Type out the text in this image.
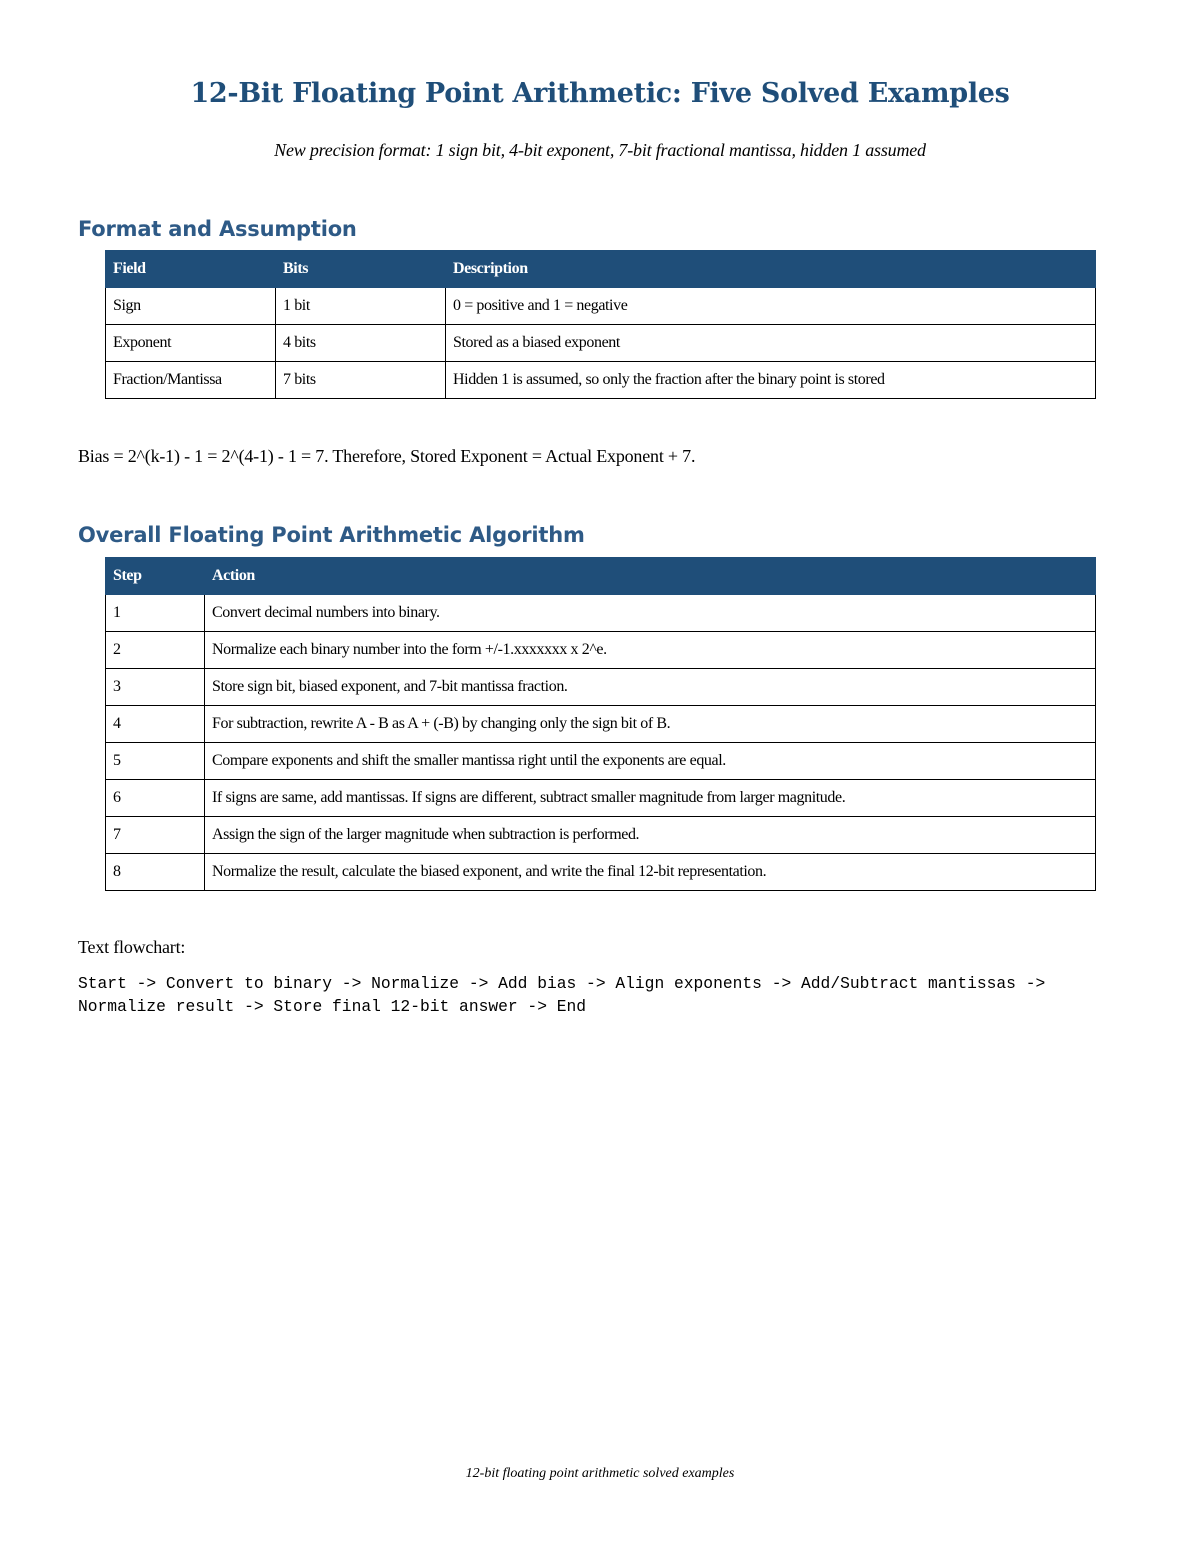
12-Bit Floating Point Arithmetic: Five Solved Examples
New precision format: 1 sign bit, 4-bit exponent, 7-bit fractional mantissa, hidden 1 assumed
Format and Assumption
Field	Bits	Description
Sign	1 bit	0 = positive and 1 = negative
Exponent	4 bits	Stored as a biased exponent
Fraction/Mantissa	7 bits	Hidden 1 is assumed, so only the fraction after the binary point is stored
Bias = 2^(k-1) - 1 = 2^(4-1) - 1 = 7. Therefore, Stored Exponent = Actual Exponent + 7.
Overall Floating Point Arithmetic Algorithm
Step	Action
1	Convert decimal numbers into binary.
2	Normalize each binary number into the form +/-1.xxxxxxx x 2^e.
3	Store sign bit, biased exponent, and 7-bit mantissa fraction.
4	For subtraction, rewrite A - B as A + (-B) by changing only the sign bit of B.
5	Compare exponents and shift the smaller mantissa right until the exponents are equal.
6	If signs are same, add mantissas. If signs are different, subtract smaller magnitude from larger magnitude.
7	Assign the sign of the larger magnitude when subtraction is performed.
8	Normalize the result, calculate the biased exponent, and write the final 12-bit representation.
Text flowchart:
Start -> Convert to binary -> Normalize -> Add bias -> Align exponents -> Add/Subtract mantissas -> Normalize result -> Store final 12-bit answer -> End
12-bit floating point arithmetic solved examples
